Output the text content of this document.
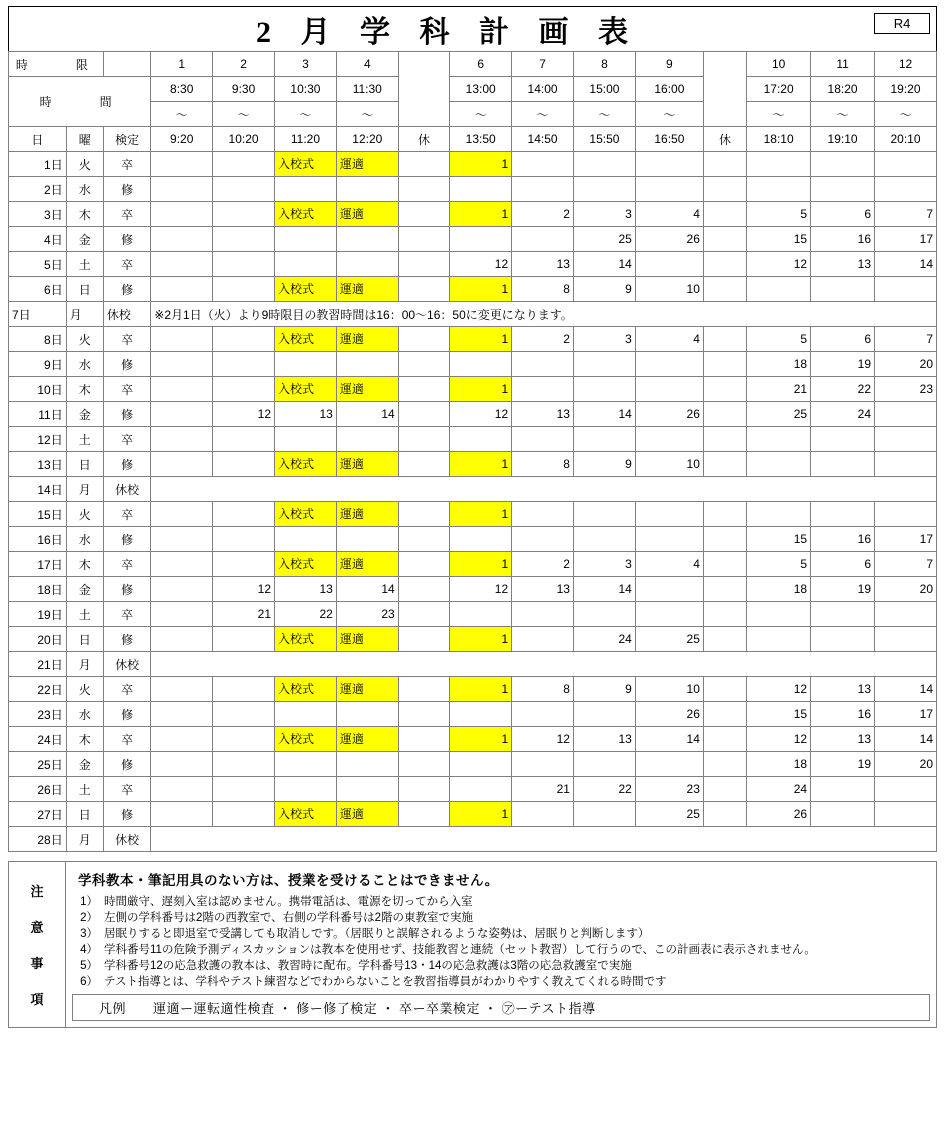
2 月 学 科 計 画 表	R4
時　　限			1	2	3	4		6	7	8	9		10	11	12
時　　間			8:30	9:30	10:30	11:30		13:00	14:00	15:00	16:00		17:20	18:20	19:20
			～	～	～	～		～	～	～	～		～	～	～
日	曜	検定	9:20	10:20	11:20	12:20	休	13:50	14:50	15:50	16:50	休	18:10	19:10	20:10
1日	火	卒			入校式	運適		1							
2日	水	修													
3日	木	卒			入校式	運適		1	2	3	4		5	6	7
4日	金	修								25	26		15	16	17
5日	土	卒						12	13	14			12	13	14
6日	日	修			入校式	運適		1	8	9	10				
7日	月	休校	※2月1日（火）より9時限目の教習時間は16：00～16：50に変更になります。												
8日	火	卒			入校式	運適		1	2	3	4		5	6	7
9日	水	修											18	19	20
10日	木	卒			入校式	運適		1					21	22	23
11日	金	修		12	13	14		12	13	14	26		25	24	
12日	土	卒													
13日	日	修			入校式	運適		1	8	9	10				
14日	月	休校													
15日	火	卒			入校式	運適		1							
16日	水	修											15	16	17
17日	木	卒			入校式	運適		1	2	3	4		5	6	7
18日	金	修		12	13	14		12	13	14			18	19	20
19日	土	卒		21	22	23									
20日	日	修			入校式	運適		1		24	25				
21日	月	休校													
22日	火	卒			入校式	運適		1	8	9	10		12	13	14
23日	水	修									26		15	16	17
24日	木	卒			入校式	運適		1	12	13	14		12	13	14
25日	金	修											18	19	20
26日	土	卒							21	22	23		24		
27日	日	修			入校式	運適		1			25		26		
28日	月	休校													
注
意
事
項
学科教本・筆記用具のない方は、授業を受けることはできません。
1） 時間厳守、遅刻入室は認めません。携帯電話は、電源を切ってから入室
2） 左側の学科番号は2階の西教室で、右側の学科番号は2階の東教室で実施
3） 居眠りすると即退室で受講しても取消しです。（居眠りと誤解されるような姿勢は、居眠りと判断します）
4） 学科番号11の危険予測ディスカッションは教本を使用せず、技能教習と連続（セット教習）して行うので、この計画表に表示されません。
5） 学科番号12の応急救護の教本は、教習時に配布。学科番号13・14の応急救護は3階の応急救護室で実施
6） テスト指導とは、学科やテスト練習などでわからないことを教習指導員がわかりやすく教えてくれる時間です
凡例　　運適ー運転適性検査 ・ 修ー修了検定 ・ 卒ー卒業検定 ・ ㋐ーテスト指導
